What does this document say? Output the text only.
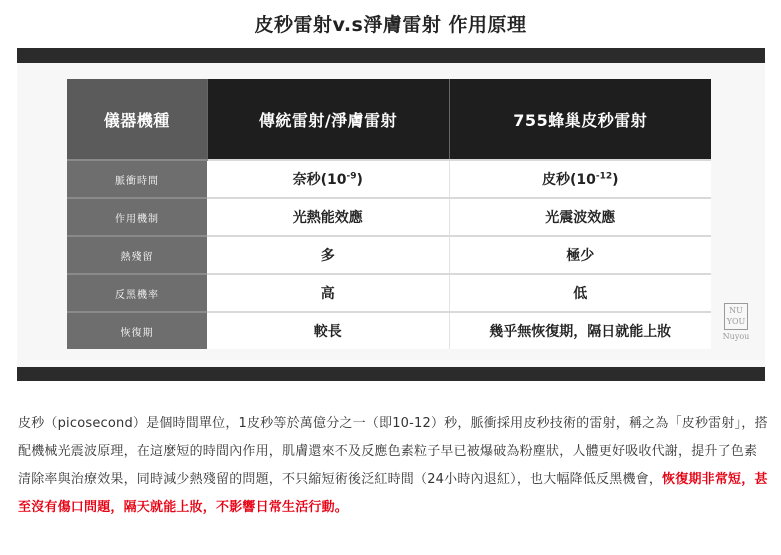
皮秒雷射v.s淨膚雷射 作用原理
儀器機種	傳統雷射/淨膚雷射	755蜂巢皮秒雷射
脈衝時間	奈秒$(10^{-9})$	皮秒$(10^{-12})$
作用機制	光熱能效應	光震波效應
熱殘留	多	極少
反黑機率	高	低
恢復期	較長	幾乎無恢復期，隔日就能上妝
NU
YOU
Nuyou
皮秒（picosecond）是個時間單位，1皮秒等於萬億分之一（即10-12）秒，脈衝採用皮秒技術的雷射，稱之為「皮秒雷射」，搭配機械光震波原理，在這麼短的時間內作用，肌膚還來不及反應色素粒子早已被爆破為粉塵狀，人體更好吸收代謝，提升了色素清除率與治療效果，同時減少熱殘留的問題，不只縮短術後泛紅時間（24小時內退紅），也大幅降低反黑機會，恢復期非常短，甚至沒有傷口問題，隔天就能上妝，不影響日常生活行動。
